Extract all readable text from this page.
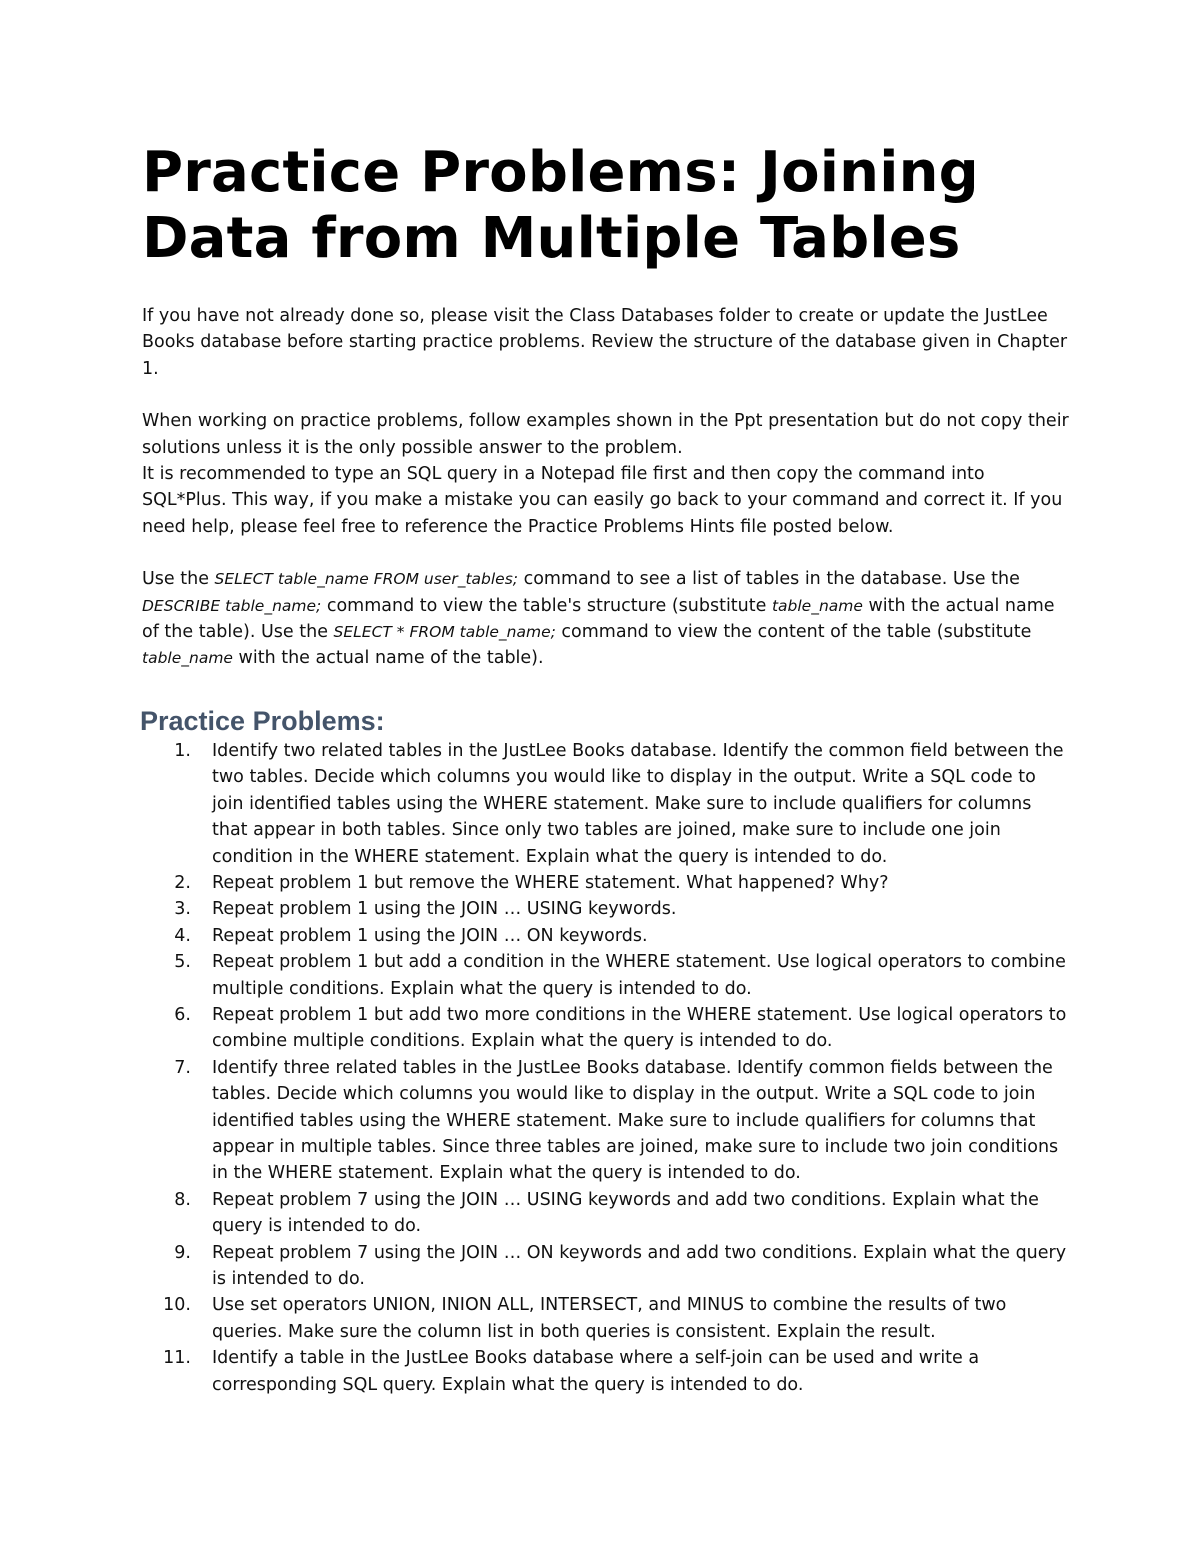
Practice Problems: Joining
Data from Multiple Tables

If you have not already done so, please visit the Class Databases folder to create or update the JustLee Books database before starting practice problems. Review the structure of the database given in Chapter 1.

When working on practice problems, follow examples shown in the Ppt presentation but do not copy their solutions unless it is the only possible answer to the problem.

It is recommended to type an SQL query in a Notepad file first and then copy the command into SQL*Plus. This way, if you make a mistake you can easily go back to your command and correct it. If you need help, please feel free to reference the Practice Problems Hints file posted below.

Use the SELECT table_name FROM user_tables; command to see a list of tables in the database. Use the DESCRIBE table_name; command to view the table's structure (substitute table_name with the actual name of the table). Use the SELECT * FROM table_name; command to view the content of the table (substitute table_name with the actual name of the table).

Practice Problems:
1.	Identify two related tables in the JustLee Books database. Identify the common field between the two tables. Decide which columns you would like to display in the output. Write a SQL code to join identified tables using the WHERE statement. Make sure to include qualifiers for columns that appear in both tables. Since only two tables are joined, make sure to include one join condition in the WHERE statement. Explain what the query is intended to do.
2.	Repeat problem 1 but remove the WHERE statement. What happened? Why?
3.	Repeat problem 1 using the JOIN … USING keywords.
4.	Repeat problem 1 using the JOIN … ON keywords.
5.	Repeat problem 1 but add a condition in the WHERE statement. Use logical operators to combine multiple conditions. Explain what the query is intended to do.
6.	Repeat problem 1 but add two more conditions in the WHERE statement. Use logical operators to combine multiple conditions. Explain what the query is intended to do.
7.	Identify three related tables in the JustLee Books database. Identify common fields between the tables. Decide which columns you would like to display in the output. Write a SQL code to join identified tables using the WHERE statement. Make sure to include qualifiers for columns that appear in multiple tables. Since three tables are joined, make sure to include two join conditions in the WHERE statement. Explain what the query is intended to do.
8.	Repeat problem 7 using the JOIN … USING keywords and add two conditions. Explain what the query is intended to do.
9.	Repeat problem 7 using the JOIN … ON keywords and add two conditions. Explain what the query is intended to do.
10.	Use set operators UNION, INION ALL, INTERSECT, and MINUS to combine the results of two queries. Make sure the column list in both queries is consistent. Explain the result.
11.	Identify a table in the JustLee Books database where a self-join can be used and write a corresponding SQL query. Explain what the query is intended to do.
